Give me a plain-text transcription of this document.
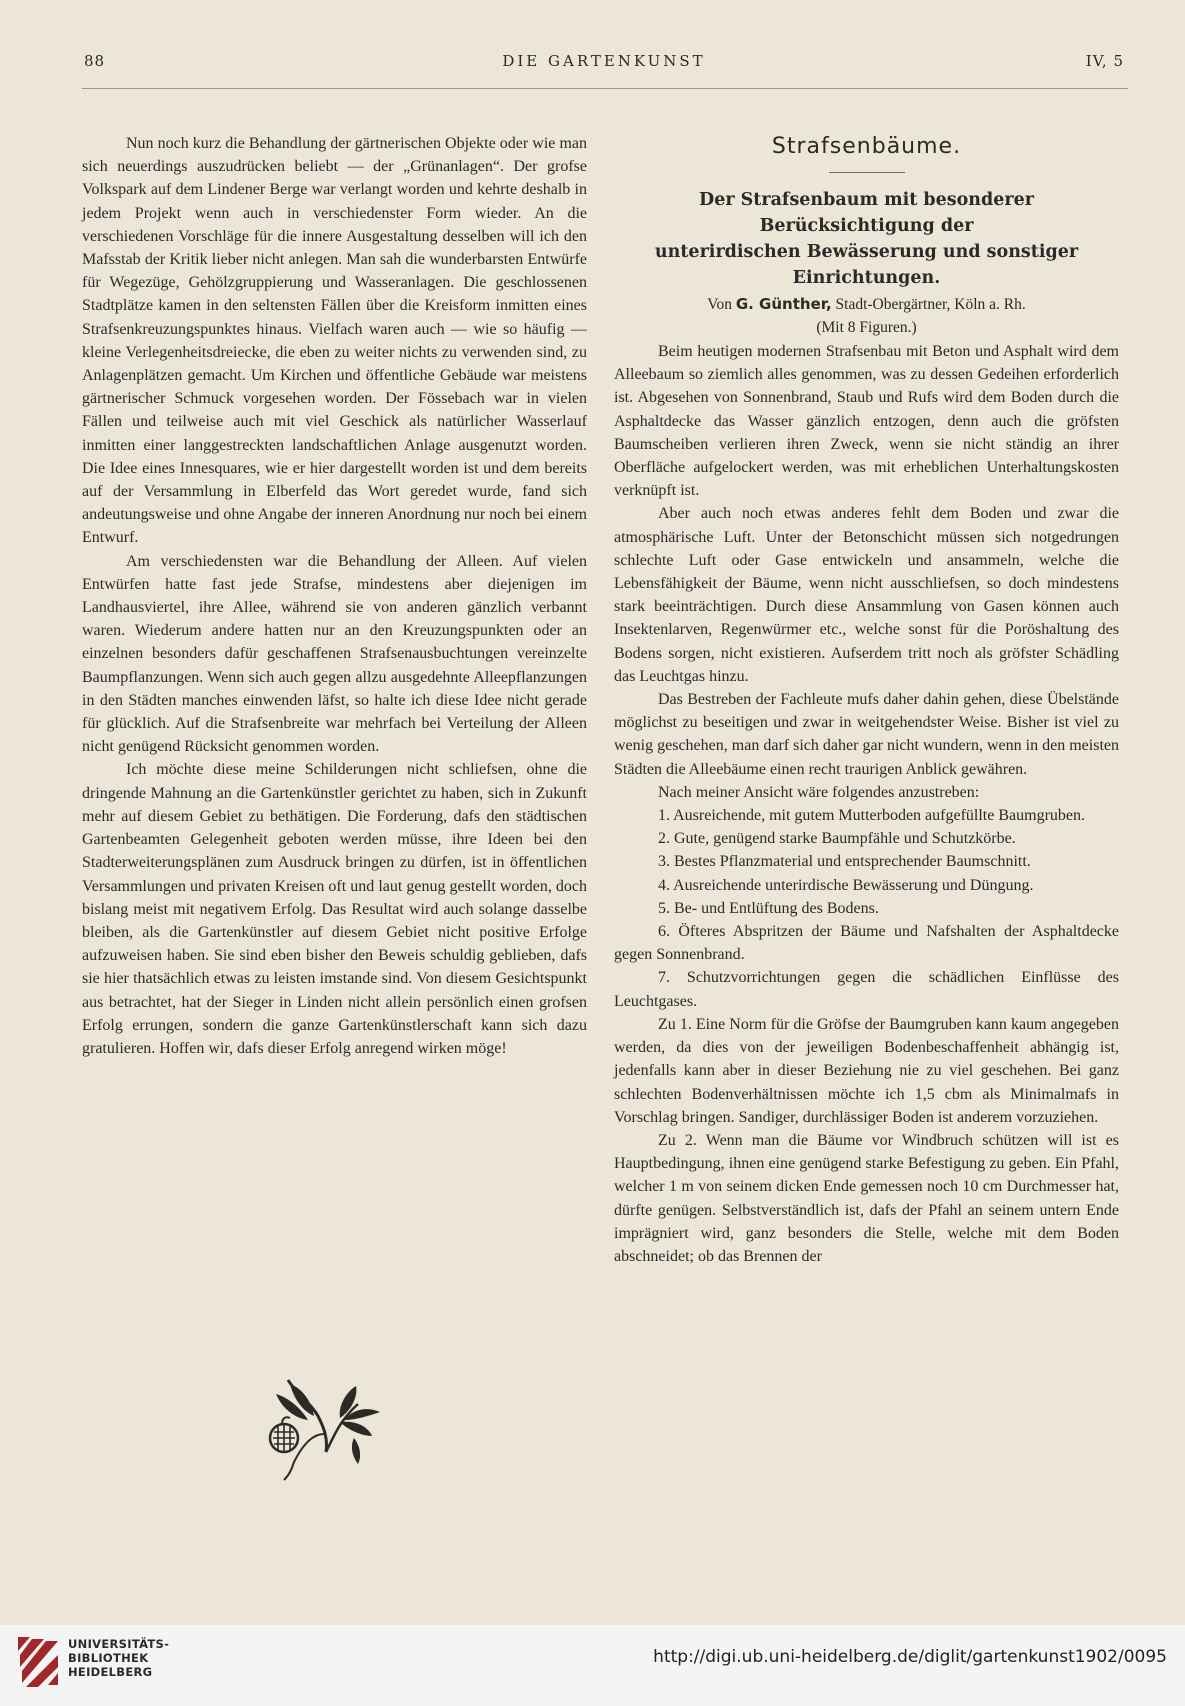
88	DIE GARTENKUNST	IV, 5

Nun noch kurz die Behandlung der gärtnerischen Objekte oder wie man sich neuerdings auszudrücken beliebt — der „Grünanlagen“. Der grofse Volkspark auf dem Lindener Berge war verlangt worden und kehrte deshalb in jedem Projekt wenn auch in verschiedenster Form wieder. An die verschiedenen Vorschläge für die innere Ausgestaltung desselben will ich den Mafsstab der Kritik lieber nicht anlegen. Man sah die wunderbarsten Entwürfe für Wegezüge, Gehölzgruppierung und Wasseranlagen. Die geschlossenen Stadtplätze kamen in den seltensten Fällen über die Kreisform inmitten eines Strafsenkreuzungspunktes hinaus. Vielfach waren auch — wie so häufig — kleine Verlegenheitsdreiecke, die eben zu weiter nichts zu verwenden sind, zu Anlagenplätzen gemacht. Um Kirchen und öffentliche Gebäude war meistens gärtnerischer Schmuck vorgesehen worden. Der Fössebach war in vielen Fällen und teilweise auch mit viel Geschick als natürlicher Wasserlauf inmitten einer langgestreckten landschaftlichen Anlage ausgenutzt worden. Die Idee eines Innesquares, wie er hier dargestellt worden ist und dem bereits auf der Versammlung in Elberfeld das Wort geredet wurde, fand sich andeutungsweise und ohne Angabe der inneren Anordnung nur noch bei einem Entwurf.

Am verschiedensten war die Behandlung der Alleen. Auf vielen Entwürfen hatte fast jede Strafse, mindestens aber diejenigen im Landhausviertel, ihre Allee, während sie von anderen gänzlich verbannt waren. Wiederum andere hatten nur an den Kreuzungspunkten oder an einzelnen besonders dafür geschaffenen Strafsenausbuchtungen vereinzelte Baumpflanzungen. Wenn sich auch gegen allzu ausgedehnte Alleepflanzungen in den Städten manches einwenden läfst, so halte ich diese Idee nicht gerade für glücklich. Auf die Strafsenbreite war mehrfach bei Verteilung der Alleen nicht genügend Rücksicht genommen worden.

Ich möchte diese meine Schilderungen nicht schliefsen, ohne die dringende Mahnung an die Gartenkünstler gerichtet zu haben, sich in Zukunft mehr auf diesem Gebiet zu bethätigen. Die Forderung, dafs den städtischen Gartenbeamten Gelegenheit geboten werden müsse, ihre Ideen bei den Stadterweiterungsplänen zum Ausdruck bringen zu dürfen, ist in öffentlichen Versammlungen und privaten Kreisen oft und laut genug gestellt worden, doch bislang meist mit negativem Erfolg. Das Resultat wird auch solange dasselbe bleiben, als die Gartenkünstler auf diesem Gebiet nicht positive Erfolge aufzuweisen haben. Sie sind eben bisher den Beweis schuldig geblieben, dafs sie hier thatsächlich etwas zu leisten imstande sind. Von diesem Gesichtspunkt aus betrachtet, hat der Sieger in Linden nicht allein persönlich einen grofsen Erfolg errungen, sondern die ganze Gartenkünstlerschaft kann sich dazu gratulieren. Hoffen wir, dafs dieser Erfolg anregend wirken möge!

Strafsenbäume.
Der Strafsenbaum mit besonderer Berücksichtigung der
unterirdischen Bewässerung und sonstiger Einrichtungen.

Von G. Günther, Stadt-Obergärtner, Köln a. Rh.

(Mit 8 Figuren.)

Beim heutigen modernen Strafsenbau mit Beton und Asphalt wird dem Alleebaum so ziemlich alles genommen, was zu dessen Gedeihen erforderlich ist. Abgesehen von Sonnenbrand, Staub und Rufs wird dem Boden durch die Asphaltdecke das Wasser gänzlich entzogen, denn auch die gröfsten Baumscheiben verlieren ihren Zweck, wenn sie nicht ständig an ihrer Oberfläche aufgelockert werden, was mit erheblichen Unterhaltungskosten verknüpft ist.

Aber auch noch etwas anderes fehlt dem Boden und zwar die atmosphärische Luft. Unter der Betonschicht müssen sich notgedrungen schlechte Luft oder Gase entwickeln und ansammeln, welche die Lebensfähigkeit der Bäume, wenn nicht ausschliefsen, so doch mindestens stark beeinträchtigen. Durch diese Ansammlung von Gasen können auch Insektenlarven, Regenwürmer etc., welche sonst für die Poröshaltung des Bodens sorgen, nicht existieren. Aufserdem tritt noch als gröfster Schädling das Leuchtgas hinzu.

Das Bestreben der Fachleute mufs daher dahin gehen, diese Übelstände möglichst zu beseitigen und zwar in weitgehendster Weise. Bisher ist viel zu wenig geschehen, man darf sich daher gar nicht wundern, wenn in den meisten Städten die Alleebäume einen recht traurigen Anblick gewähren.

Nach meiner Ansicht wäre folgendes anzustreben:

1. Ausreichende, mit gutem Mutterboden aufgefüllte Baumgruben.

2. Gute, genügend starke Baumpfähle und Schutzkörbe.

3. Bestes Pflanzmaterial und entsprechender Baumschnitt.

4. Ausreichende unterirdische Bewässerung und Düngung.

5. Be- und Entlüftung des Bodens.

6. Öfteres Abspritzen der Bäume und Nafshalten der Asphaltdecke gegen Sonnenbrand.

7. Schutzvorrichtungen gegen die schädlichen Einflüsse des Leuchtgases.

Zu 1. Eine Norm für die Gröfse der Baumgruben kann kaum angegeben werden, da dies von der jeweiligen Bodenbeschaffenheit abhängig ist, jedenfalls kann aber in dieser Beziehung nie zu viel geschehen. Bei ganz schlechten Bodenverhältnissen möchte ich 1,5 cbm als Minimalmafs in Vorschlag bringen. Sandiger, durchlässiger Boden ist anderem vorzuziehen.

Zu 2. Wenn man die Bäume vor Windbruch schützen will ist es Hauptbedingung, ihnen eine genügend starke Befestigung zu geben. Ein Pfahl, welcher 1 m von seinem dicken Ende gemessen noch 10 cm Durchmesser hat, dürfte genügen. Selbstverständlich ist, dafs der Pfahl an seinem untern Ende imprägniert wird, ganz besonders die Stelle, welche mit dem Boden abschneidet; ob das Brennen der

UNIVERSITÄTS-
BIBLIOTHEK
HEIDELBERG
http://digi.ub.uni-heidelberg.de/diglit/gartenkunst1902/0095
